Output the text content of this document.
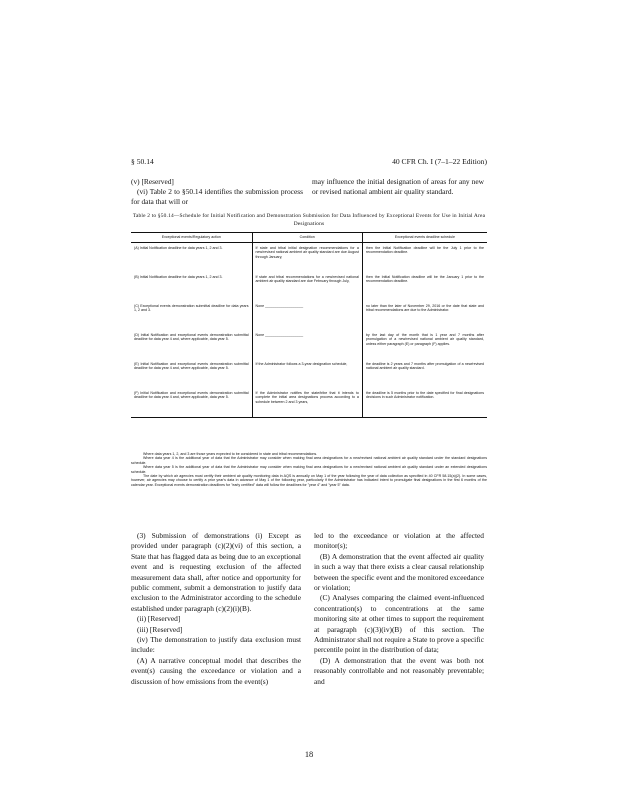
§ 50.14	40 CFR Ch. I (7–1–22 Edition)

(v) [Reserved]

(vi) Table 2 to §50.14 identifies the submission process for data that will or

may influence the initial designation of areas for any new or revised national ambient air quality standard.

Table 2 to §50.14—Schedule for Initial Notification and Demonstration Submission for Data Influenced by Exceptional Events for Use in Initial Area Designations
Exceptional events/Regulatory action	Condition	Exceptional events deadline schedule
(A) Initial Notification deadline for data years 1, 2 and 3.	If state and tribal initial designation recommendations for a new/revised national ambient air quality standard are due August through January,	then the Initial Notification deadline will be the July 1 prior to the recommendation deadline.
(B) Initial Notification deadline for data years 1, 2 and 3.	If state and tribal recommendations for a new/revised national ambient air quality standard are due February through July,	then the Initial Notification deadline will be the January 1 prior to the recommendation deadline.
(C) Exceptional events demonstration submittal deadline for data years 1, 2 and 3.	None ___________________	no later than the later of November 29, 2016 or the date that state and tribal recommendations are due to the Administrator.
(D) Initial Notification and exceptional events demonstration submittal deadline for data year 4 and, where applicable, data year 5.	None ___________________	by the last day of the month that is 1 year and 7 months after promulgation of a new/revised national ambient air quality standard, unless either paragraph (E) or paragraph (F) applies.
(E) Initial Notification and exceptional events demonstration submittal deadline for data year 4 and, where applicable, data year 5.	If the Administrator follows a 3-year designation schedule,	the deadline is 2 years and 7 months after promulgation of a new/revised national ambient air quality standard.
(F) Initial Notification and exceptional events demonstration submittal deadline for data year 4 and, where applicable, data year 5.	If the Administrator notifies the state/tribe that it intends to complete the initial area designations process according to a schedule between 2 and 3 years,	the deadline is 5 months prior to the date specified for final designations decisions in such Administrator notification.

Where data years 1, 2, and 3 are those years expected to be considered in state and tribal recommendations.

Where data year 4 is the additional year of data that the Administrator may consider when making final area designations for a new/revised national ambient air quality standard under the standard designations schedule.

Where data year 5 is the additional year of data that the Administrator may consider when making final area designations for a new/revised national ambient air quality standard under an extended designations schedule.

The date by which air agencies must certify their ambient air quality monitoring data in AQS is annually on May 1 of the year following the year of data collection as specified in 40 CFR 58.15(a)(2). In some cases, however, air agencies may choose to certify a prior year's data in advance of May 1 of the following year, particularly if the Administrator has indicated intent to promulgate final designations in the first 6 months of the calendar year. Exceptional events demonstration deadlines for "early certified" data will follow the deadlines for "year 4" and "year 5" data.

(3) Submission of demonstrations (i) Except as provided under paragraph (c)(2)(vi) of this section, a State that has flagged data as being due to an exceptional event and is requesting exclusion of the affected measurement data shall, after notice and opportunity for public comment, submit a demonstration to justify data exclusion to the Administrator according to the schedule established under paragraph (c)(2)(i)(B).

(ii) [Reserved]

(iii) [Reserved]

(iv) The demonstration to justify data exclusion must include:

(A) A narrative conceptual model that describes the event(s) causing the exceedance or violation and a discussion of how emissions from the event(s)

led to the exceedance or violation at the affected monitor(s);

(B) A demonstration that the event affected air quality in such a way that there exists a clear causal relationship between the specific event and the monitored exceedance or violation;

(C) Analyses comparing the claimed event-influenced concentration(s) to concentrations at the same monitoring site at other times to support the requirement at paragraph (c)(3)(iv)(B) of this section. The Administrator shall not require a State to prove a specific percentile point in the distribution of data;

(D) A demonstration that the event was both not reasonably controllable and not reasonably preventable; and

18
